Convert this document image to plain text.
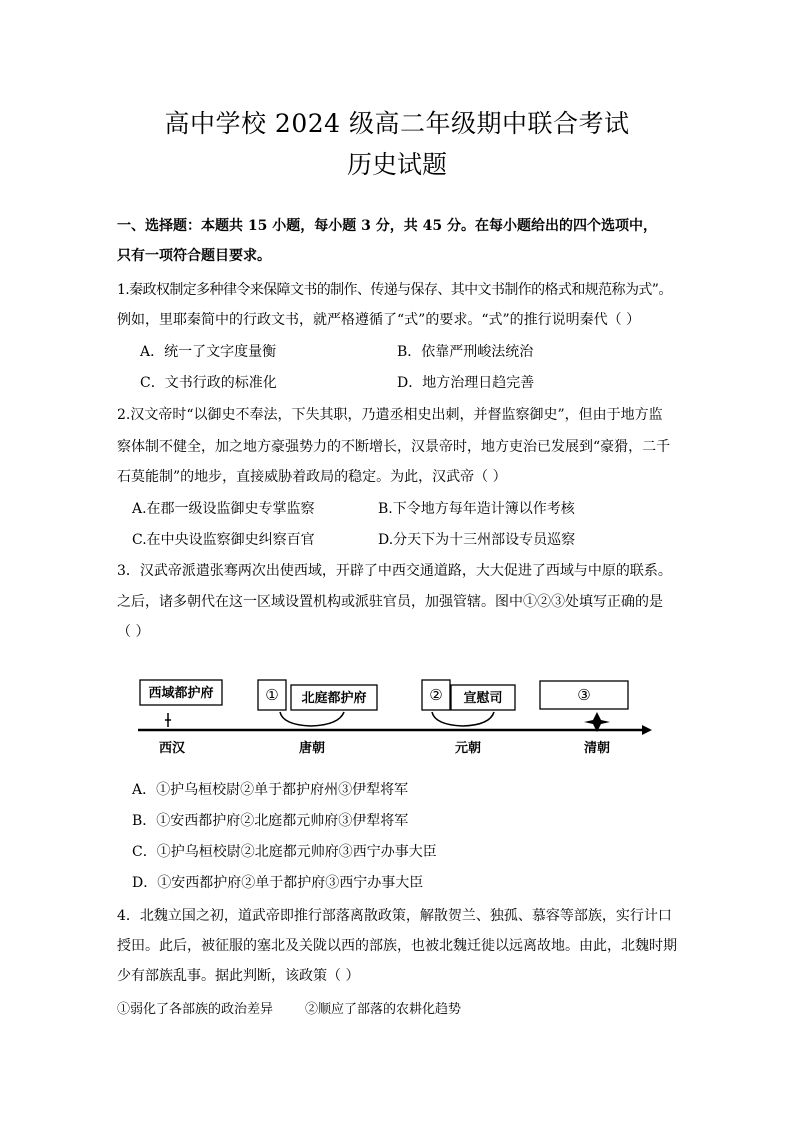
高中学校 2024 级高二年级期中联合考试
历史试题
一、选择题：本题共 15 小题，每小题 3 分，共 45 分。在每小题给出的四个选项中，
只有一项符合题目要求。
1.秦政权制定多种律令来保障文书的制作、传递与保存、其中文书制作的格式和规范称为式”。
例如，里耶秦简中的行政文书，就严格遵循了“式”的要求。“式”的推行说明秦代（ ）
A．统一了文字度量衡	B．依靠严刑峻法统治
C．文书行政的标准化	D．地方治理日趋完善
2.汉文帝时“以御史不奉法，下失其职，乃遣丞相史出刺，并督监察御史”，但由于地方监
察体制不健全，加之地方豪强势力的不断增长，汉景帝时，地方吏治已发展到“豪猾，二千
石莫能制”的地步，直接威胁着政局的稳定。为此，汉武帝（ ）
A.在郡一级设监御史专掌监察	B.下令地方每年造计簿以作考核
C.在中央设监察御史纠察百官	D.分天下为十三州部设专员巡察
3．汉武帝派遣张骞两次出使西域，开辟了中西交通道路，大大促进了西域与中原的联系。
之后，诸多朝代在这一区域设置机构或派驻官员，加强管辖。图中①②③处填写正确的是
（ ）
西域都护府	① 北庭都护府	② 宣慰司	③
西汉	唐朝	元朝	清朝
A．①护乌桓校尉②单于都护府州③伊犁将军
B．①安西都护府②北庭都元帅府③伊犁将军
C．①护乌桓校尉②北庭都元帅府③西宁办事大臣
D．①安西都护府②单于都护府③西宁办事大臣
4．北魏立国之初，道武帝即推行部落离散政策，解散贺兰、独孤、慕容等部族，实行计口
授田。此后，被征服的塞北及关陇以西的部族，也被北魏迁徙以远离故地。由此，北魏时期
少有部族乱事。据此判断，该政策（ ）
①弱化了各部族的政治差异 ②顺应了部落的农耕化趋势
